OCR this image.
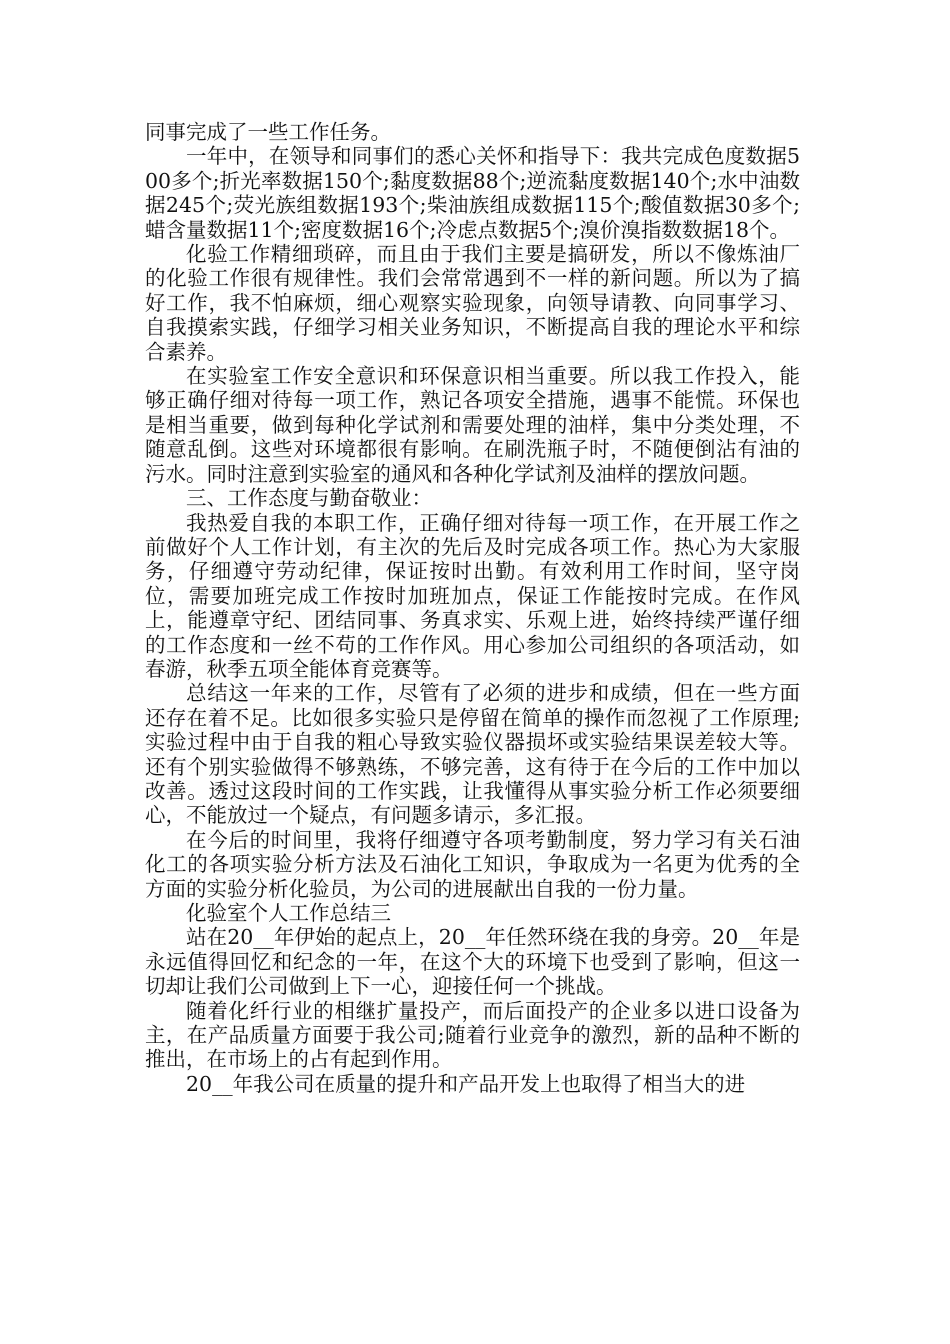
同事完成了一些工作任务。

一年中，在领导和同事们的悉心关怀和指导下：我共完成色度数据500多个;折光率数据150个;黏度数据88个;逆流黏度数据140个;水中油数据245个;荧光族组数据193个;柴油族组成数据115个;酸值数据30多个;蜡含量数据11个;密度数据16个;冷虑点数据5个;溴价溴指数数据18个。

化验工作精细琐碎，而且由于我们主要是搞研发，所以不像炼油厂的化验工作很有规律性。我们会常常遇到不一样的新问题。所以为了搞好工作，我不怕麻烦，细心观察实验现象，向领导请教、向同事学习、自我摸索实践，仔细学习相关业务知识，不断提高自我的理论水平和综合素养。

在实验室工作安全意识和环保意识相当重要。所以我工作投入，能够正确仔细对待每一项工作，熟记各项安全措施，遇事不能慌。环保也是相当重要，做到每种化学试剂和需要处理的油样，集中分类处理，不随意乱倒。这些对环境都很有影响。在刷洗瓶子时，不随便倒沾有油的污水。同时注意到实验室的通风和各种化学试剂及油样的摆放问题。

三、工作态度与勤奋敬业：

我热爱自我的本职工作，正确仔细对待每一项工作，在开展工作之前做好个人工作计划，有主次的先后及时完成各项工作。热心为大家服务，仔细遵守劳动纪律，保证按时出勤。有效利用工作时间，坚守岗位，需要加班完成工作按时加班加点，保证工作能按时完成。在作风上，能遵章守纪、团结同事、务真求实、乐观上进，始终持续严谨仔细的工作态度和一丝不苟的工作作风。用心参加公司组织的各项活动，如春游，秋季五项全能体育竞赛等。

总结这一年来的工作，尽管有了必须的进步和成绩，但在一些方面还存在着不足。比如很多实验只是停留在简单的操作而忽视了工作原理;实验过程中由于自我的粗心导致实验仪器损坏或实验结果误差较大等。还有个别实验做得不够熟练，不够完善，这有待于在今后的工作中加以改善。透过这段时间的工作实践，让我懂得从事实验分析工作必须要细心，不能放过一个疑点，有问题多请示，多汇报。

在今后的时间里，我将仔细遵守各项考勤制度，努力学习有关石油化工的各项实验分析方法及石油化工知识，争取成为一名更为优秀的全方面的实验分析化验员，为公司的进展献出自我的一份力量。

化验室个人工作总结三

站在20__年伊始的起点上，20__年任然环绕在我的身旁。20__年是永远值得回忆和纪念的一年，在这个大的环境下也受到了影响，但这一切却让我们公司做到上下一心，迎接任何一个挑战。

随着化纤行业的相继扩量投产，而后面投产的企业多以进口设备为主，在产品质量方面要于我公司;随着行业竞争的激烈，新的品种不断的推出，在市场上的占有起到作用。

20__年我公司在质量的提升和产品开发上也取得了相当大的进
